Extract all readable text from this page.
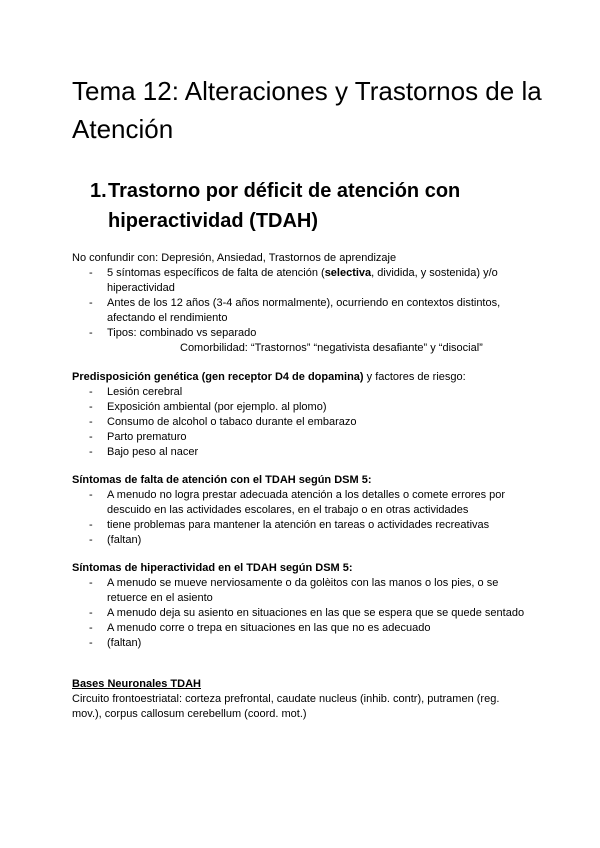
Tema 12: Alteraciones y Trastornos de la Atención
1. Trastorno por déficit de atención con hiperactividad (TDAH)

No confundir con: Depresión, Ansiedad, Trastornos de aprendizaje

- 5 síntomas específicos de falta de atención (selectiva, dividida, y sostenida) y/o hiperactividad
- Antes de los 12 años (3-4 años normalmente), ocurriendo en contextos distintos, afectando el rendimiento
- Tipos: combinado vs separado

Comorbilidad: “Trastornos” “negativista desafiante” y “disocial”

Predisposición genética (gen receptor D4 de dopamina) y factores de riesgo:

- Lesión cerebral
- Exposición ambiental (por ejemplo. al plomo)
- Consumo de alcohol o tabaco durante el embarazo
- Parto prematuro
- Bajo peso al nacer

Síntomas de falta de atención con el TDAH según DSM 5:

- A menudo no logra prestar adecuada atención a los detalles o comete errores por descuido en las actividades escolares, en el trabajo o en otras actividades
- tiene problemas para mantener la atención en tareas o actividades recreativas
- (faltan)

Síntomas de hiperactividad en el TDAH según DSM 5:

- A menudo se mueve nerviosamente o da golèitos con las manos o los pies, o se retuerce en el asiento
- A menudo deja su asiento en situaciones en las que se espera que se quede sentado
- A menudo corre o trepa en situaciones en las que no es adecuado
- (faltan)

Bases Neuronales TDAH

Circuito frontoestriatal: corteza prefrontal, caudate nucleus (inhib. contr), putramen (reg. mov.), corpus callosum cerebellum (coord. mot.)
